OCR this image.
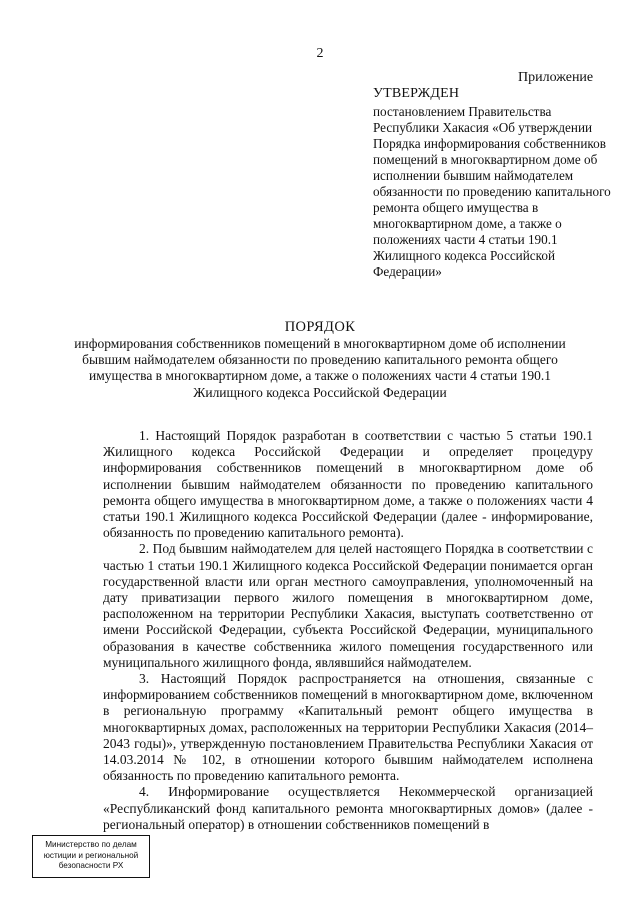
2
Приложение
УТВЕРЖДЕН
постановлением Правительства Республики Хакасия «Об утверждении Порядка информирования собственников помещений в многоквартирном доме об исполнении бывшим наймодателем обязанности по проведению капитального ремонта общего имущества в многоквартирном доме, а также о положениях части 4 статьи 190.1 Жилищного кодекса Российской Федерации»
ПОРЯДОК
информирования собственников помещений в многоквартирном доме об исполнении бывшим наймодателем обязанности по проведению капитального ремонта общего имущества в многоквартирном доме, а также о положениях части 4 статьи 190.1 Жилищного кодекса Российской Федерации

1. Настоящий Порядок разработан в соответствии с частью 5 статьи 190.1 Жилищного кодекса Российской Федерации и определяет процедуру информирования собственников помещений в многоквартирном доме об исполнении бывшим наймодателем обязанности по проведению капитального ремонта общего имущества в многоквартирном доме, а также о положениях части 4 статьи 190.1 Жилищного кодекса Российской Федерации (далее - информирование, обязанность по проведению капитального ремонта).

2. Под бывшим наймодателем для целей настоящего Порядка в соответствии с частью 1 статьи 190.1 Жилищного кодекса Российской Федерации понимается орган государственной власти или орган местного самоуправления, уполномоченный на дату приватизации первого жилого помещения в многоквартирном доме, расположенном на территории Республики Хакасия, выступать соответственно от имени Российской Федерации, субъекта Российской Федерации, муниципального образования в качестве собственника жилого помещения государственного или муниципального жилищного фонда, являвшийся наймодателем.

3. Настоящий Порядок распространяется на отношения, связанные с информированием собственников помещений в многоквартирном доме, включенном в региональную программу «Капитальный ремонт общего имущества в многоквартирных домах, расположенных на территории Республики Хакасия (2014–2043 годы)», утвержденную постановлением Правительства Республики Хакасия от 14.03.2014 № 102, в отношении которого бывшим наймодателем исполнена обязанность по проведению капитального ремонта.

4. Информирование осуществляется Некоммерческой организацией «Республиканский фонд капитального ремонта многоквартирных домов» (далее - региональный оператор) в отношении собственников помещений в

Министерство по делам
юстиции и региональной
безопасности РХ
